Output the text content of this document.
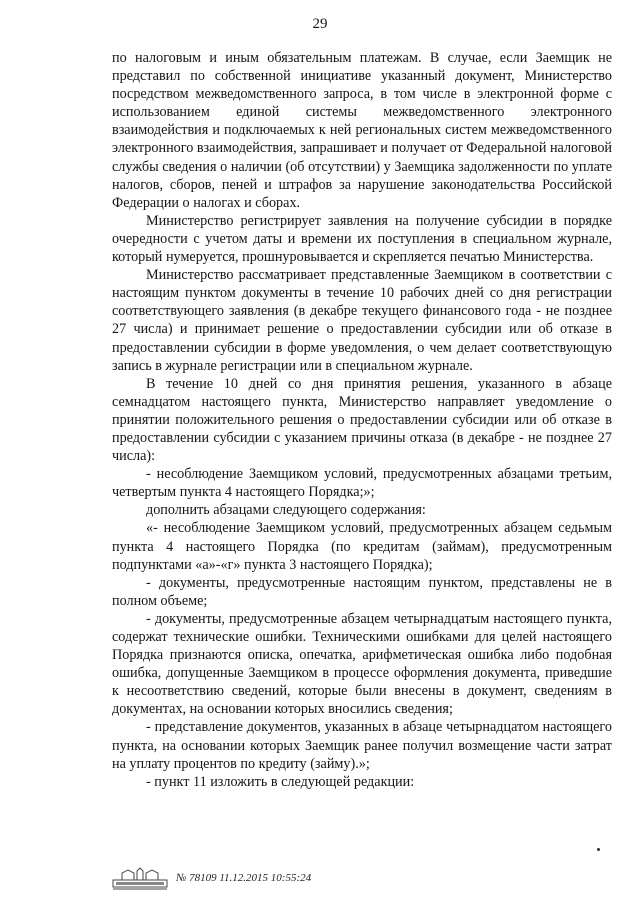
29

по налоговым и иным обязательным платежам. В случае, если Заемщик не представил по собственной инициативе указанный документ, Министерство посредством межведомственного запроса, в том числе в электронной форме с использованием единой системы межведомственного электронного взаимодействия и подключаемых к ней региональных систем межведомственного электронного взаимодействия, запрашивает и получает от Федеральной налоговой службы сведения о наличии (об отсутствии) у Заемщика задолженности по уплате налогов, сборов, пеней и штрафов за нарушение законодательства Российской Федерации о налогах и сборах.

Министерство регистрирует заявления на получение субсидии в порядке очередности с учетом даты и времени их поступления в специальном журнале, который нумеруется, прошнуровывается и скрепляется печатью Министерства.

Министерство рассматривает представленные Заемщиком в соответствии с настоящим пунктом документы в течение 10 рабочих дней со дня регистрации соответствующего заявления (в декабре текущего финансового года - не позднее 27 числа) и принимает решение о предоставлении субсидии или об отказе в предоставлении субсидии в форме уведомления, о чем делает соответствующую запись в журнале регистрации или в специальном журнале.

В течение 10 дней со дня принятия решения, указанного в абзаце семнадцатом настоящего пункта, Министерство направляет уведомление о принятии положительного решения о предоставлении субсидии или об отказе в предоставлении субсидии с указанием причины отказа (в декабре - не позднее 27 числа):

- несоблюдение Заемщиком условий, предусмотренных абзацами третьим, четвертым пункта 4 настоящего Порядка;»;

дополнить абзацами следующего содержания:

«- несоблюдение Заемщиком условий, предусмотренных абзацем седьмым пункта 4 настоящего Порядка (по кредитам (займам), предусмотренным подпунктами «а»-«г» пункта 3 настоящего Порядка);

- документы, предусмотренные настоящим пунктом, представлены не в полном объеме;

- документы, предусмотренные абзацем четырнадцатым настоящего пункта, содержат технические ошибки. Техническими ошибками для целей настоящего Порядка признаются описка, опечатка, арифметическая ошибка либо подобная ошибка, допущенные Заемщиком в процессе оформления документа, приведшие к несоответствию сведений, которые были внесены в документ, сведениям в документах, на основании которых вносились сведения;

- представление документов, указанных в абзаце четырнадцатом настоящего пункта, на основании которых Заемщик ранее получил возмещение части затрат на уплату процентов по кредиту (займу).»;

- пункт 11 изложить в следующей редакции:

№ 78109 11.12.2015 10:55:24
